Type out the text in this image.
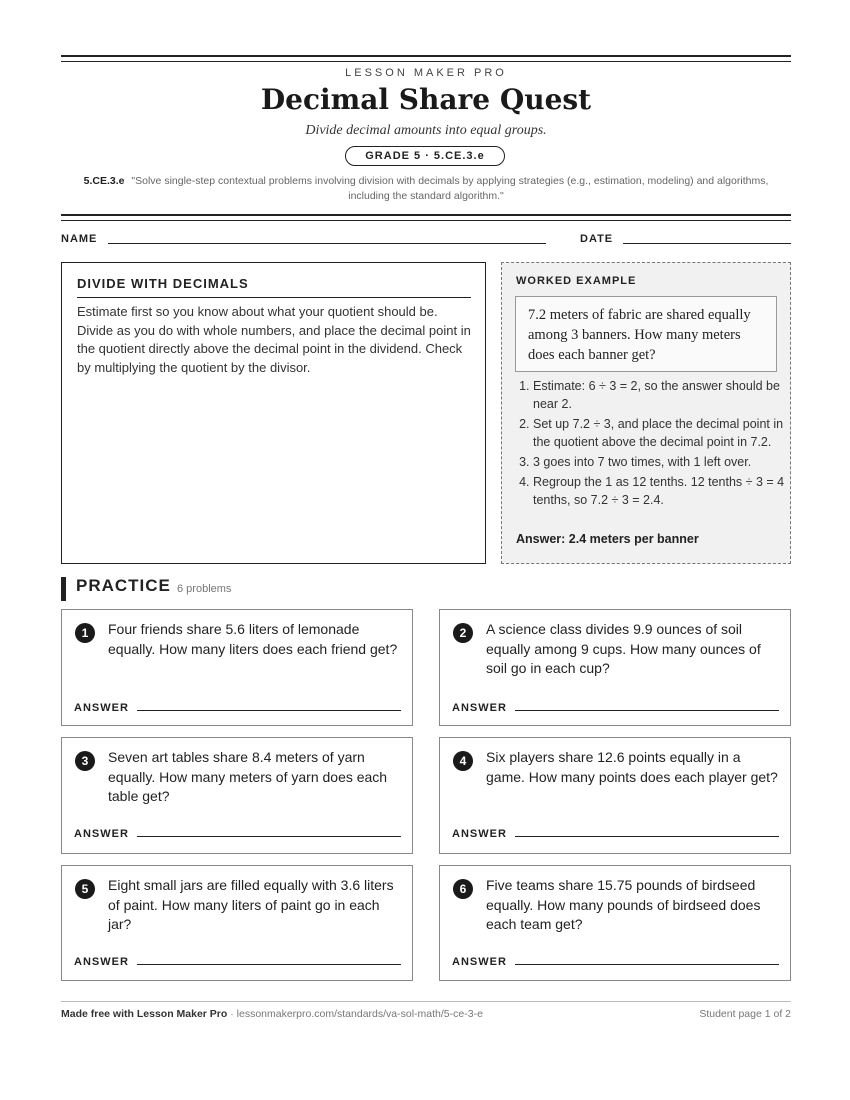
LESSON MAKER PRO
Decimal Share Quest
Divide decimal amounts into equal groups.
GRADE 5 · 5.CE.3.e
5.CE.3.e "Solve single-step contextual problems involving division with decimals by applying strategies (e.g., estimation, modeling) and algorithms, including the standard algorithm."
NAME	DATE
DIVIDE WITH DECIMALS

Estimate first so you know about what your quotient should be. Divide as you do with whole numbers, and place the decimal point in the quotient directly above the decimal point in the dividend. Check by multiplying the quotient by the divisor.

WORKED EXAMPLE
7.2 meters of fabric are shared equally among 3 banners. How many meters does each banner get?
1. Estimate: 6 ÷ 3 = 2, so the answer should be near 2.
2. Set up 7.2 ÷ 3, and place the decimal point in the quotient above the decimal point in 7.2.
3. 3 goes into 7 two times, with 1 left over.
4. Regroup the 1 as 12 tenths. 12 tenths ÷ 3 = 4 tenths, so 7.2 ÷ 3 = 2.4.
Answer: 2.4 meters per banner
PRACTICE 6 problems
1	Four friends share 5.6 liters of lemonade equally. How many liters does each friend get?
ANSWER
2	A science class divides 9.9 ounces of soil equally among 9 cups. How many ounces of soil go in each cup?
ANSWER
3	Seven art tables share 8.4 meters of yarn equally. How many meters of yarn does each table get?
ANSWER
4	Six players share 12.6 points equally in a game. How many points does each player get?
ANSWER
5	Eight small jars are filled equally with 3.6 liters of paint. How many liters of paint go in each jar?
ANSWER
6	Five teams share 15.75 pounds of birdseed equally. How many pounds of birdseed does each team get?
ANSWER
Made free with Lesson Maker Pro · lessonmakerpro.com/standards/va-sol-math/5-ce-3-e	Student page 1 of 2
